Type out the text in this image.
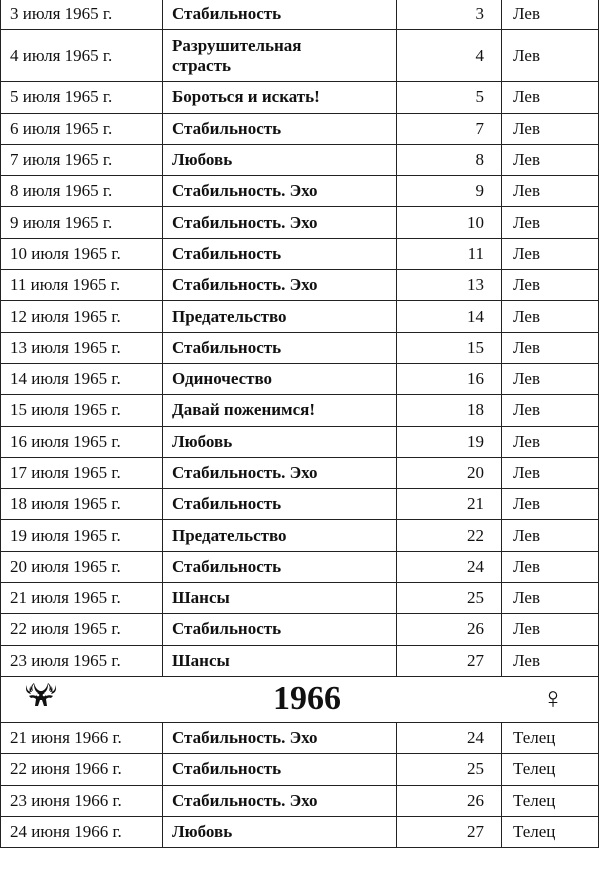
3 июля 1965 г.	Стабильность	3	Лев
4 июля 1965 г.	Разрушительная
страсть	4	Лев
5 июля 1965 г.	Бороться и искать!	5	Лев
6 июля 1965 г.	Стабильность	7	Лев
7 июля 1965 г.	Любовь	8	Лев
8 июля 1965 г.	Стабильность. Эхо	9	Лев
9 июля 1965 г.	Стабильность. Эхо	10	Лев
10 июля 1965 г.	Стабильность	11	Лев
11 июля 1965 г.	Стабильность. Эхо	13	Лев
12 июля 1965 г.	Предательство	14	Лев
13 июля 1965 г.	Стабильность	15	Лев
14 июля 1965 г.	Одиночество	16	Лев
15 июля 1965 г.	Давай поженимся!	18	Лев
16 июля 1965 г.	Любовь	19	Лев
17 июля 1965 г.	Стабильность. Эхо	20	Лев
18 июля 1965 г.	Стабильность	21	Лев
19 июля 1965 г.	Предательство	22	Лев
20 июля 1965 г.	Стабильность	24	Лев
21 июля 1965 г.	Шансы	25	Лев
22 июля 1965 г.	Стабильность	26	Лев
23 июля 1965 г.	Шансы	27	Лев

1966 ♀			

21 июня 1966 г.	Стабильность. Эхо	24	Телец
22 июня 1966 г.	Стабильность	25	Телец
23 июня 1966 г.	Стабильность. Эхо	26	Телец
24 июня 1966 г.	Любовь	27	Телец
